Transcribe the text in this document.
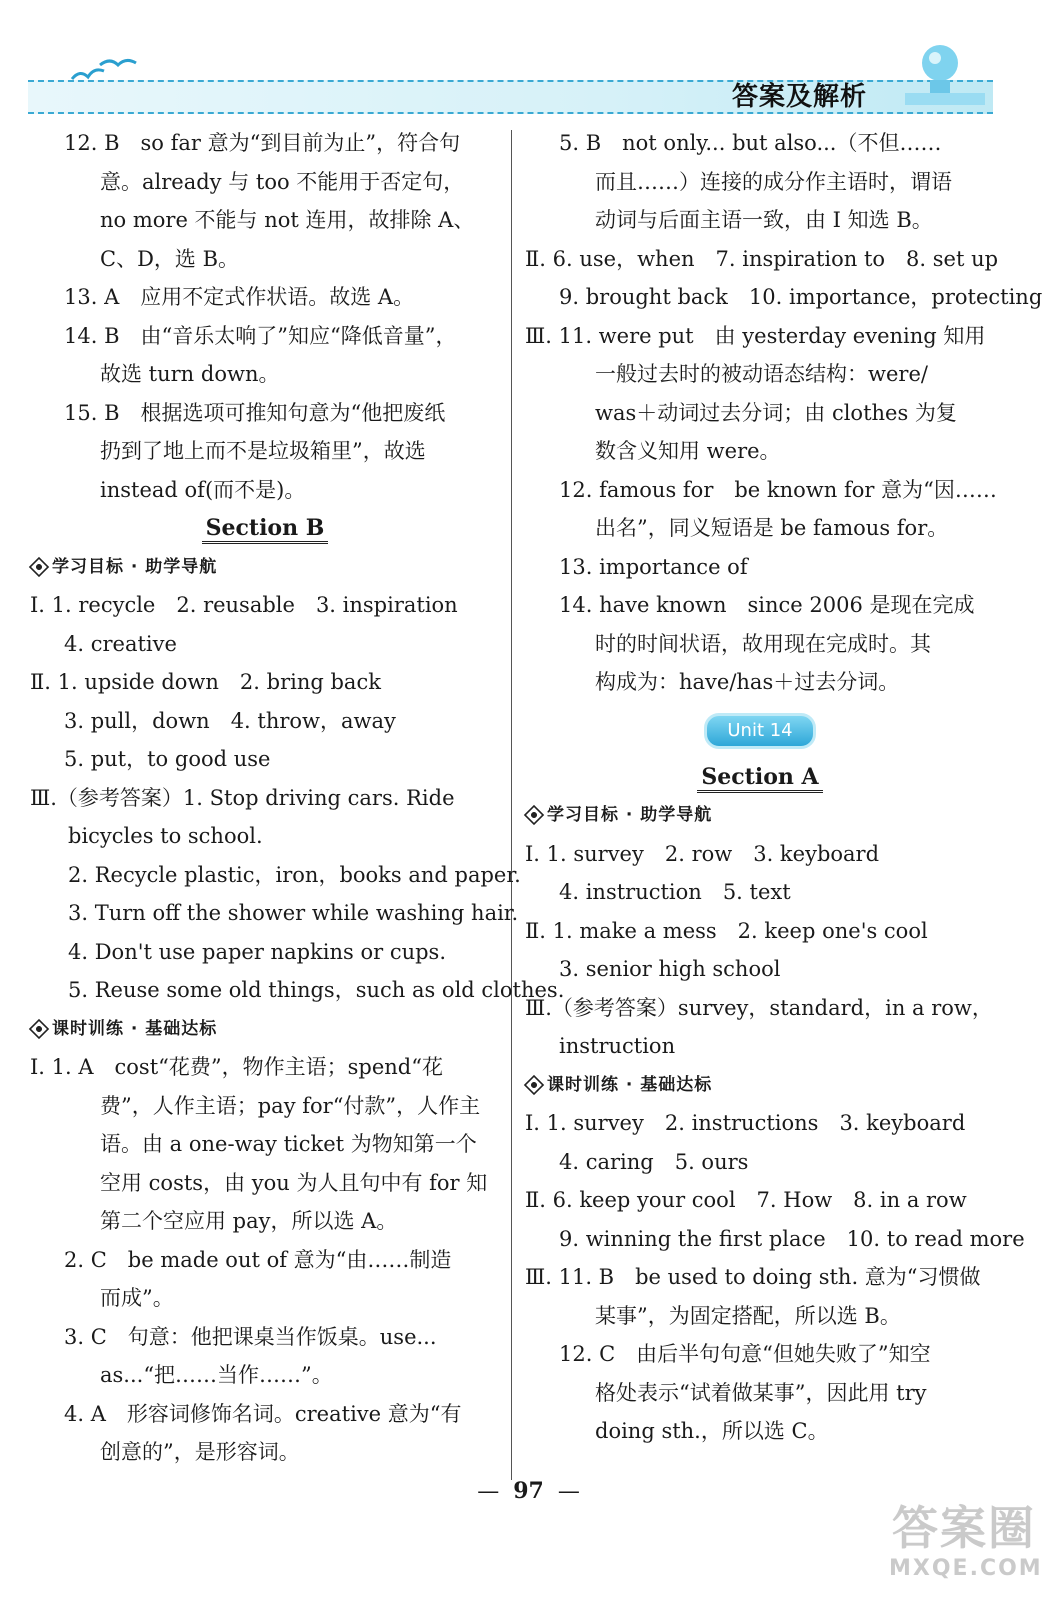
答案及解析
12. B　so far 意为“到目前为止”，符合句
意。already 与 too 不能用于否定句，
no more 不能与 not 连用，故排除 A、
C、D，选 B。
13. A　应用不定式作状语。故选 A。
14. B　由“音乐太响了”知应“降低音量”，
故选 turn down。
15. B　根据选项可推知句意为“他把废纸
扔到了地上而不是垃圾箱里”，故选
instead of(而不是)。
Section B
学习目标 · 助学导航
Ⅰ. 1. recycle　2. reusable　3. inspiration
4. creative
Ⅱ. 1. upside down　2. bring back
3. pull，down　4. throw，away
5. put，to good use
Ⅲ.（参考答案）1. Stop driving cars. Ride
bicycles to school.
2. Recycle plastic，iron，books and paper.
3. Turn off the shower while washing hair.
4. Don't use paper napkins or cups.
5. Reuse some old things，such as old clothes.
课时训练 · 基础达标
Ⅰ. 1. A　cost“花费”，物作主语；spend“花
费”，人作主语；pay for“付款”，人作主
语。由 a one-way ticket 为物知第一个
空用 costs，由 you 为人且句中有 for 知
第二个空应用 pay，所以选 A。
2. C　be made out of 意为“由……制造
而成”。
3. C　句意：他把课桌当作饭桌。use...
as...“把……当作……”。
4. A　形容词修饰名词。creative 意为“有
创意的”，是形容词。
5. B　not only... but also...（不但……
而且……）连接的成分作主语时，谓语
动词与后面主语一致，由 I 知选 B。
Ⅱ. 6. use，when　7. inspiration to　8. set up
9. brought back　10. importance，protecting
Ⅲ. 11. were put　由 yesterday evening 知用
一般过去时的被动语态结构：were/
was＋动词过去分词；由 clothes 为复
数含义知用 were。
12. famous for　be known for 意为“因……
出名”，同义短语是 be famous for。
13. importance of
14. have known　since 2006 是现在完成
时的时间状语，故用现在完成时。其
构成为：have/has＋过去分词。
Unit 14
Section A
学习目标 · 助学导航
Ⅰ. 1. survey　2. row　3. keyboard
4. instruction　5. text
Ⅱ. 1. make a mess　2. keep one's cool
3. senior high school
Ⅲ.（参考答案）survey，standard，in a row，
instruction
课时训练 · 基础达标
Ⅰ. 1. survey　2. instructions　3. keyboard
4. caring　5. ours
Ⅱ. 6. keep your cool　7. How　8. in a row
9. winning the first place　10. to read more
Ⅲ. 11. B　be used to doing sth. 意为“习惯做
某事”，为固定搭配，所以选 B。
12. C　由后半句句意“但她失败了”知空
格处表示“试着做某事”，因此用 try
doing sth.，所以选 C。
— 97 —
答案圈
MXQE.COM
